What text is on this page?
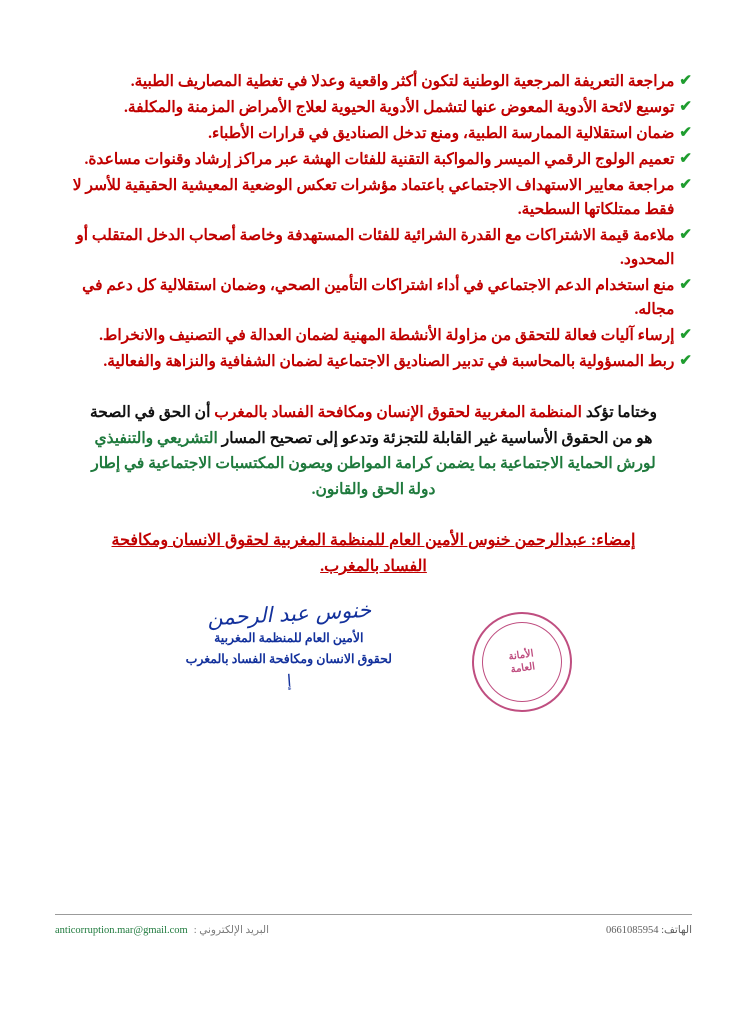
✔
مراجعة التعريفة المرجعية الوطنية لتكون أكثر واقعية وعدلا في تغطية المصاريف الطبية.
✔
توسيع لائحة الأدوية المعوض عنها لتشمل الأدوية الحيوية لعلاج الأمراض المزمنة والمكلفة.
✔
ضمان استقلالية الممارسة الطبية، ومنع تدخل الصناديق في قرارات الأطباء.
✔
تعميم الولوج الرقمي الميسر والمواكبة التقنية للفئات الهشة عبر مراكز إرشاد وقنوات مساعدة.
✔
مراجعة معايير الاستهداف الاجتماعي باعتماد مؤشرات تعكس الوضعية المعيشية الحقيقية للأسر لا فقط ممتلكاتها السطحية.
✔
ملاءمة قيمة الاشتراكات مع القدرة الشرائية للفئات المستهدفة وخاصة أصحاب الدخل المتقلب أو المحدود.
✔
منع استخدام الدعم الاجتماعي في أداء اشتراكات التأمين الصحي، وضمان استقلالية كل دعم في مجاله.
✔
إرساء آليات فعالة للتحقق من مزاولة الأنشطة المهنية لضمان العدالة في التصنيف والانخراط.
✔
ربط المسؤولية بالمحاسبة في تدبير الصناديق الاجتماعية لضمان الشفافية والنزاهة والفعالية.

وختاما تؤكد المنظمة المغربية لحقوق الإنسان ومكافحة الفساد بالمغرب أن الحق في الصحة هو من الحقوق الأساسية غير القابلة للتجزئة وتدعو إلى تصحيح المسار التشريعي والتنفيذي لورش الحماية الاجتماعية بما يضمن كرامة المواطن ويصون المكتسبات الاجتماعية في إطار دولة الحق والقانون.

إمضاء: عبدالرحمن خنوس الأمين العام للمنظمة المغربية لحقوق الانسان ومكافحة الفساد بالمغرب.

الأمانة
العامة
خنوس عبد الرحمن
الأمين العام للمنظمة المغربية
لحقوق الانسان ومكافحة الفساد بالمغرب
إ
الهاتف: 0661085954
البريد الإلكتروني :
anticorruption.mar@gmail.com
